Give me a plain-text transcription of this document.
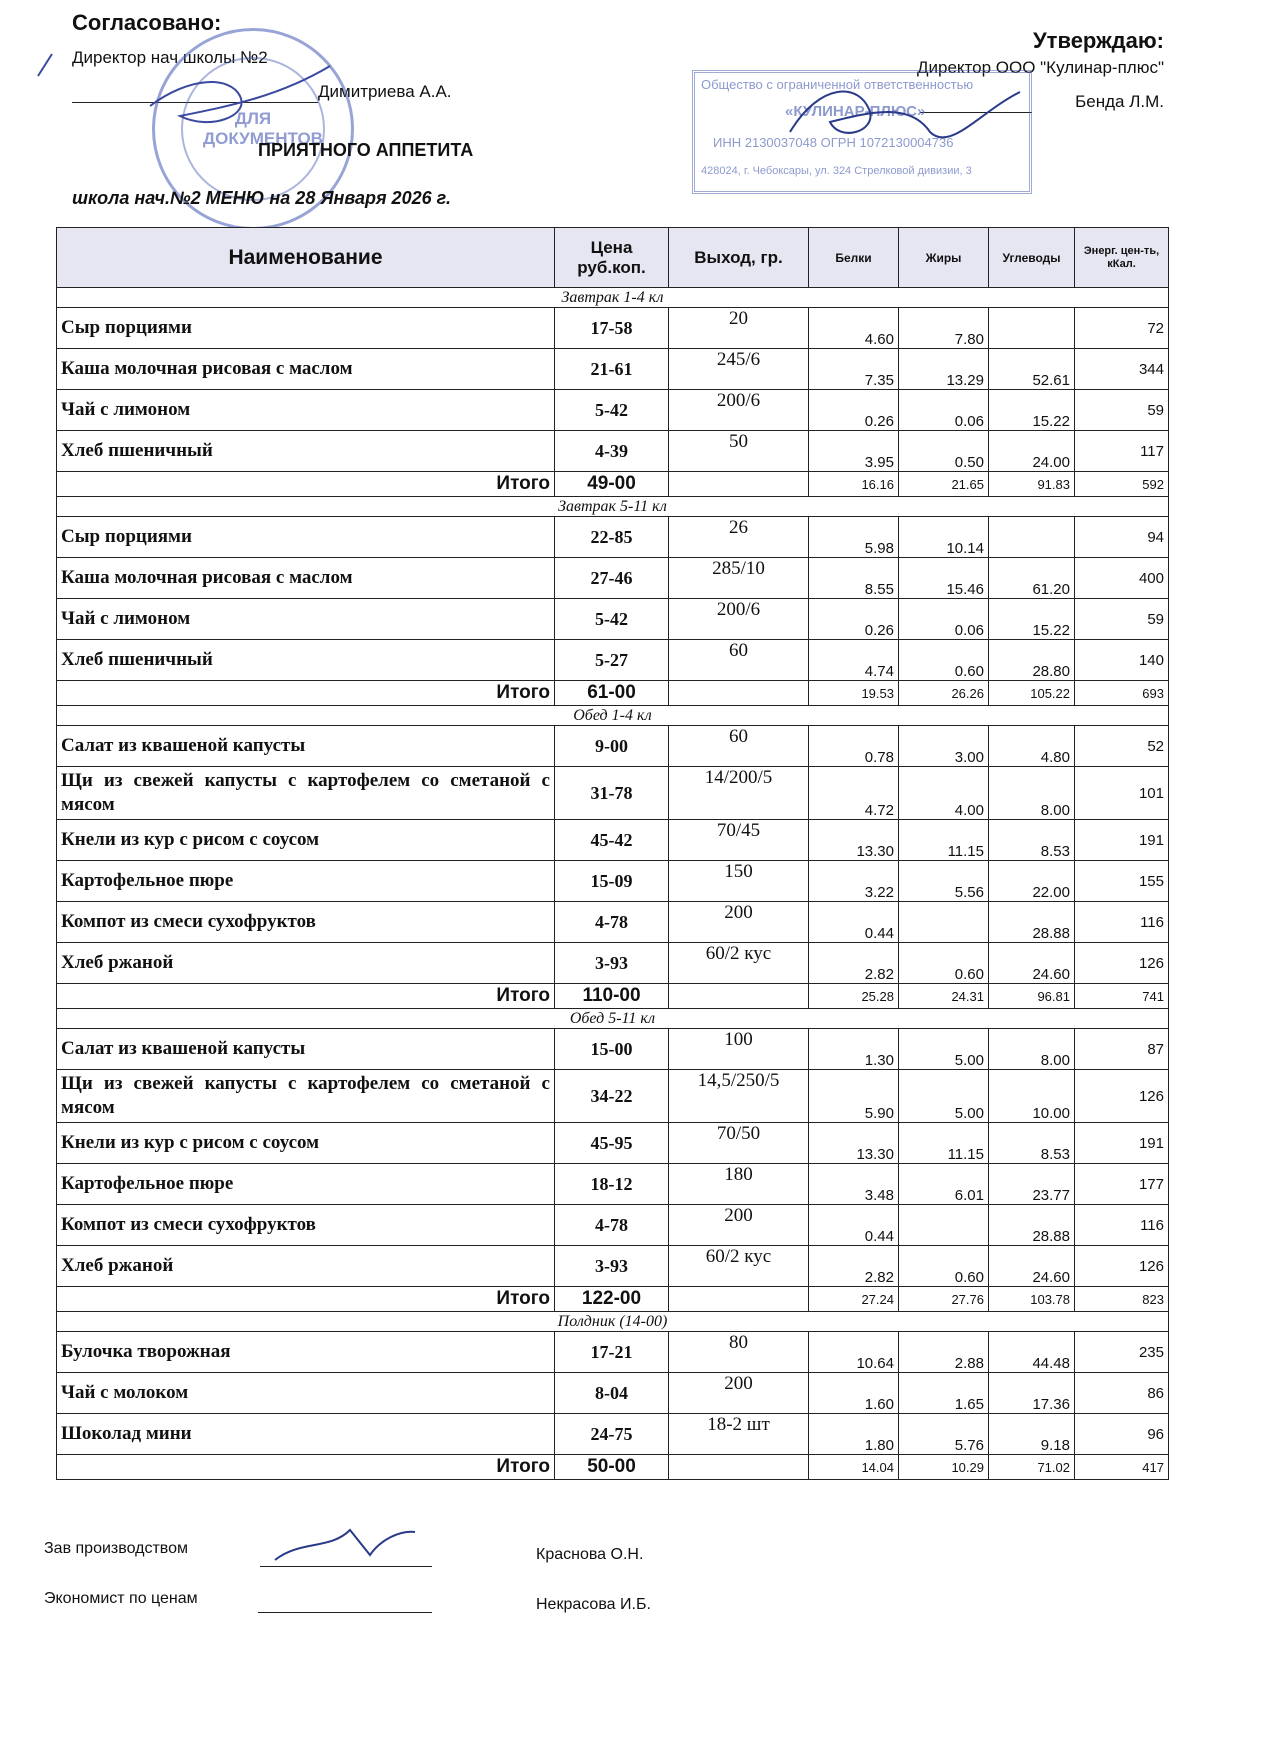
Согласовано:
Директор нач школы №2
Димитриева А.А.
ДЛЯ ДОКУМЕНТОВ
Утверждаю:
Директор ООО "Кулинар-плюс"
Бенда Л.М.
Общество с ограниченной ответственностью
«КУЛИНАР-ПЛЮС»
ИНН 2130037048 ОГРН 1072130004736
428024, г. Чебоксары, ул. 324 Стрелковой дивизии, 3
ПРИЯТНОГО АППЕТИТА
школа нач.№2 МЕНЮ на 28 Января 2026 г.
Наименование	Цена руб.коп.	Выход, гр.	Белки	Жиры	Углеводы	Энерг. цен-ть, кКал.
Завтрак 1-4 кл						
Сыр порциями	17-58	20	4.60	7.80		72
Каша молочная рисовая с маслом	21-61	245/6	7.35	13.29	52.61	344
Чай с лимоном	5-42	200/6	0.26	0.06	15.22	59
Хлеб пшеничный	4-39	50	3.95	0.50	24.00	117
Итого	49-00		16.16	21.65	91.83	592
Завтрак 5-11 кл						
Сыр порциями	22-85	26	5.98	10.14		94
Каша молочная рисовая с маслом	27-46	285/10	8.55	15.46	61.20	400
Чай с лимоном	5-42	200/6	0.26	0.06	15.22	59
Хлеб пшеничный	5-27	60	4.74	0.60	28.80	140
Итого	61-00		19.53	26.26	105.22	693
Обед 1-4 кл						
Салат из квашеной капусты	9-00	60	0.78	3.00	4.80	52
Щи из свежей капусты с картофелем со сметаной с мясом	31-78	14/200/5	4.72	4.00	8.00	101
Кнели из кур с рисом с соусом	45-42	70/45	13.30	11.15	8.53	191
Картофельное пюре	15-09	150	3.22	5.56	22.00	155
Компот из смеси сухофруктов	4-78	200	0.44		28.88	116
Хлеб ржаной	3-93	60/2 кус	2.82	0.60	24.60	126
Итого	110-00		25.28	24.31	96.81	741
Обед 5-11 кл						
Салат из квашеной капусты	15-00	100	1.30	5.00	8.00	87
Щи из свежей капусты с картофелем со сметаной с мясом	34-22	14,5/250/5	5.90	5.00	10.00	126
Кнели из кур с рисом с соусом	45-95	70/50	13.30	11.15	8.53	191
Картофельное пюре	18-12	180	3.48	6.01	23.77	177
Компот из смеси сухофруктов	4-78	200	0.44		28.88	116
Хлеб ржаной	3-93	60/2 кус	2.82	0.60	24.60	126
Итого	122-00		27.24	27.76	103.78	823
Полдник (14-00)						
Булочка творожная	17-21	80	10.64	2.88	44.48	235
Чай с молоком	8-04	200	1.60	1.65	17.36	86
Шоколад мини	24-75	18-2 шт	1.80	5.76	9.18	96
Итого	50-00		14.04	10.29	71.02	417
Зав производством	Краснова О.Н.
Экономист по ценам	Некрасова И.Б.
